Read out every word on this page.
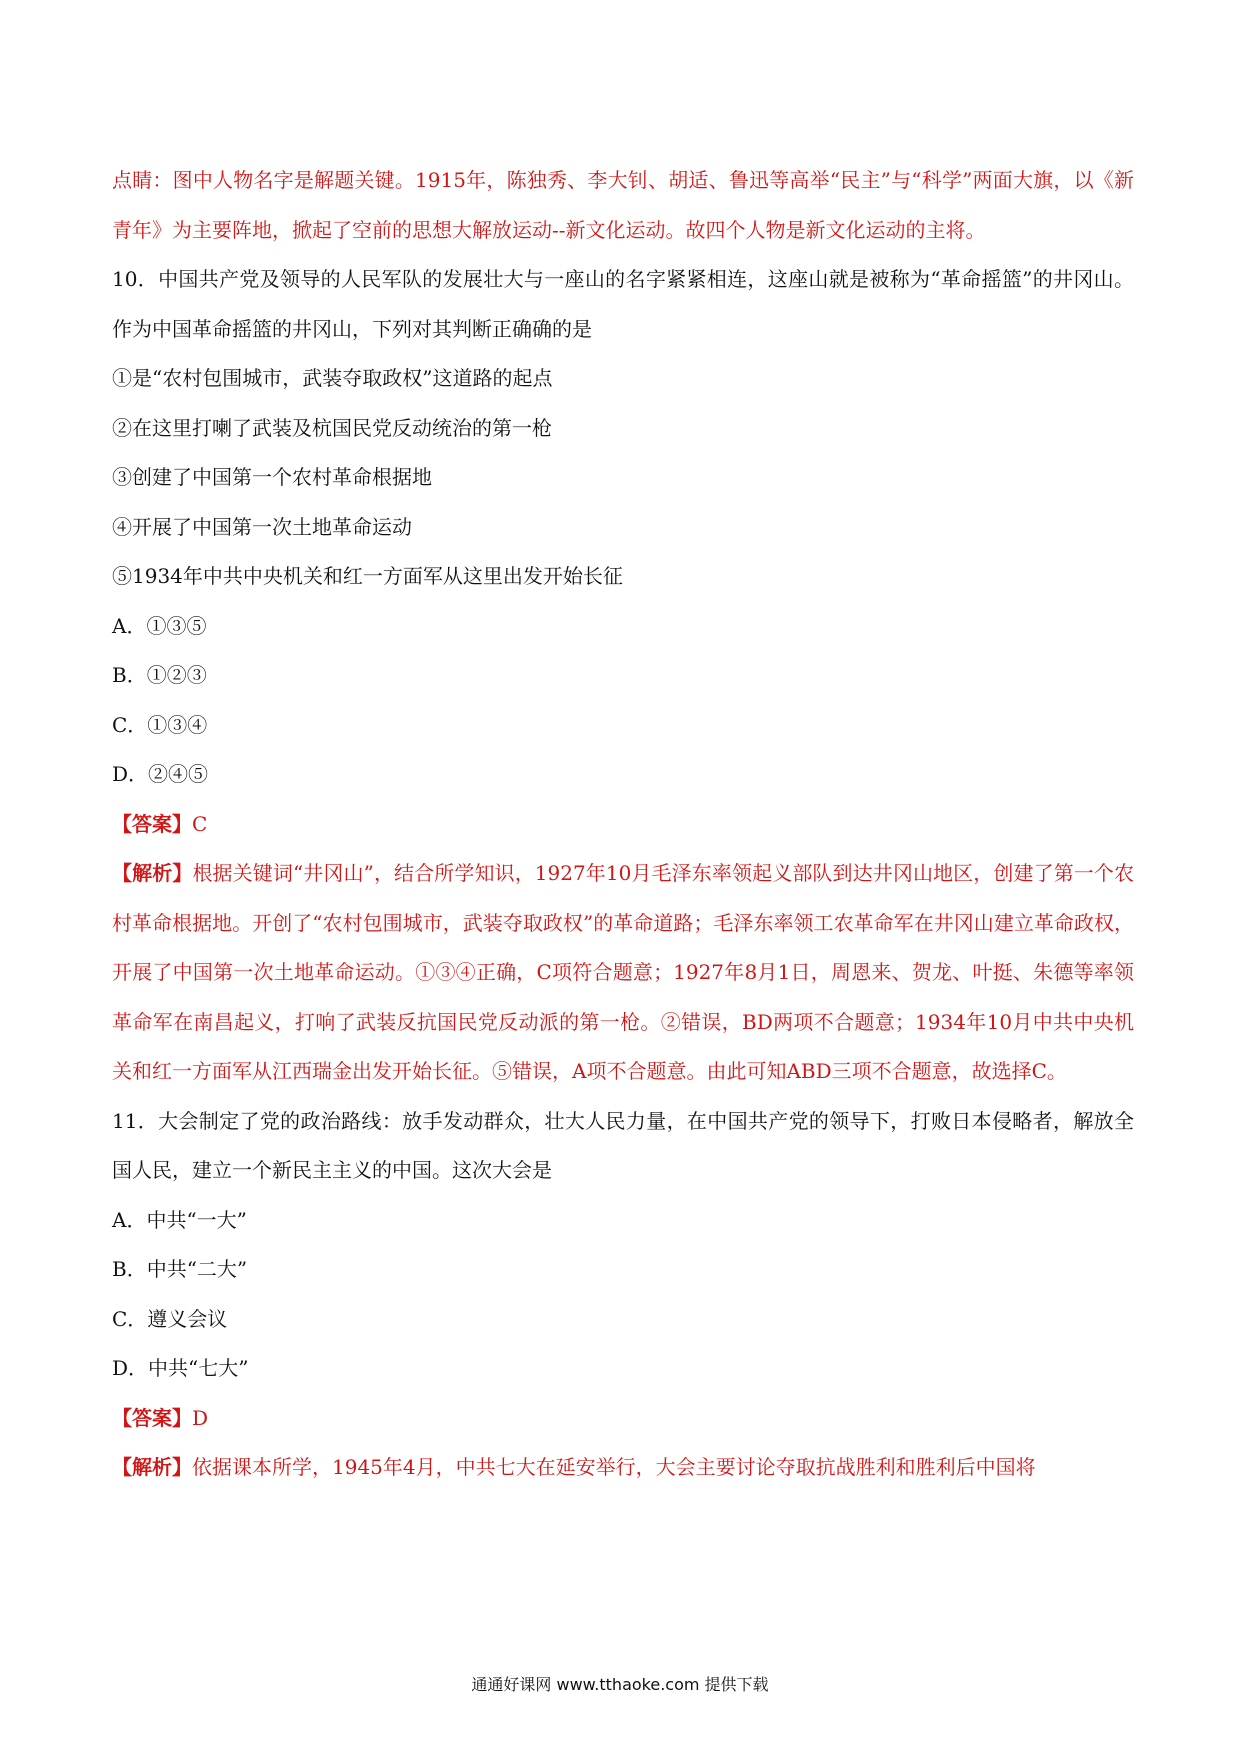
点睛：图中人物名字是解题关键。1915年，陈独秀、李大钊、胡适、鲁迅等高举“民主”与“科学”两面大旗，以《新青年》为主要阵地，掀起了空前的思想大解放运动--新文化运动。故四个人物是新文化运动的主将。
10．中国共产党及领导的人民军队的发展壮大与一座山的名字紧紧相连，这座山就是被称为“革命摇篮”的井冈山。作为中国革命摇篮的井冈山，下列对其判断正确确的是
①是“农村包围城市，武装夺取政权”这道路的起点
②在这里打喇了武装及杭国民党反动统治的第一枪
③创建了中国第一个农村革命根据地
④开展了中国第一次土地革命运动
⑤1934年中共中央机关和红一方面军从这里出发开始长征
A．①③⑤
B．①②③
C．①③④
D．②④⑤
【答案】C
【解析】根据关键词“井冈山”，结合所学知识，1927年10月毛泽东率领起义部队到达井冈山地区，创建了第一个农村革命根据地。开创了“农村包围城市，武装夺取政权”的革命道路；毛泽东率领工农革命军在井冈山建立革命政权，开展了中国第一次土地革命运动。①③④正确，C项符合题意；1927年8月1日，周恩来、贺龙、叶挺、朱德等率领革命军在南昌起义，打响了武装反抗国民党反动派的第一枪。②错误，BD两项不合题意；1934年10月中共中央机关和红一方面军从江西瑞金出发开始长征。⑤错误，A项不合题意。由此可知ABD三项不合题意，故选择C。
11．大会制定了党的政治路线：放手发动群众，壮大人民力量，在中国共产党的领导下，打败日本侵略者，解放全国人民，建立一个新民主主义的中国。这次大会是
A．中共“一大”
B．中共“二大”
C．遵义会议
D．中共“七大”
【答案】D
【解析】依据课本所学，1945年4月，中共七大在延安举行，大会主要讨论夺取抗战胜利和胜利后中国将
通通好课网 www.tthaoke.com 提供下载
